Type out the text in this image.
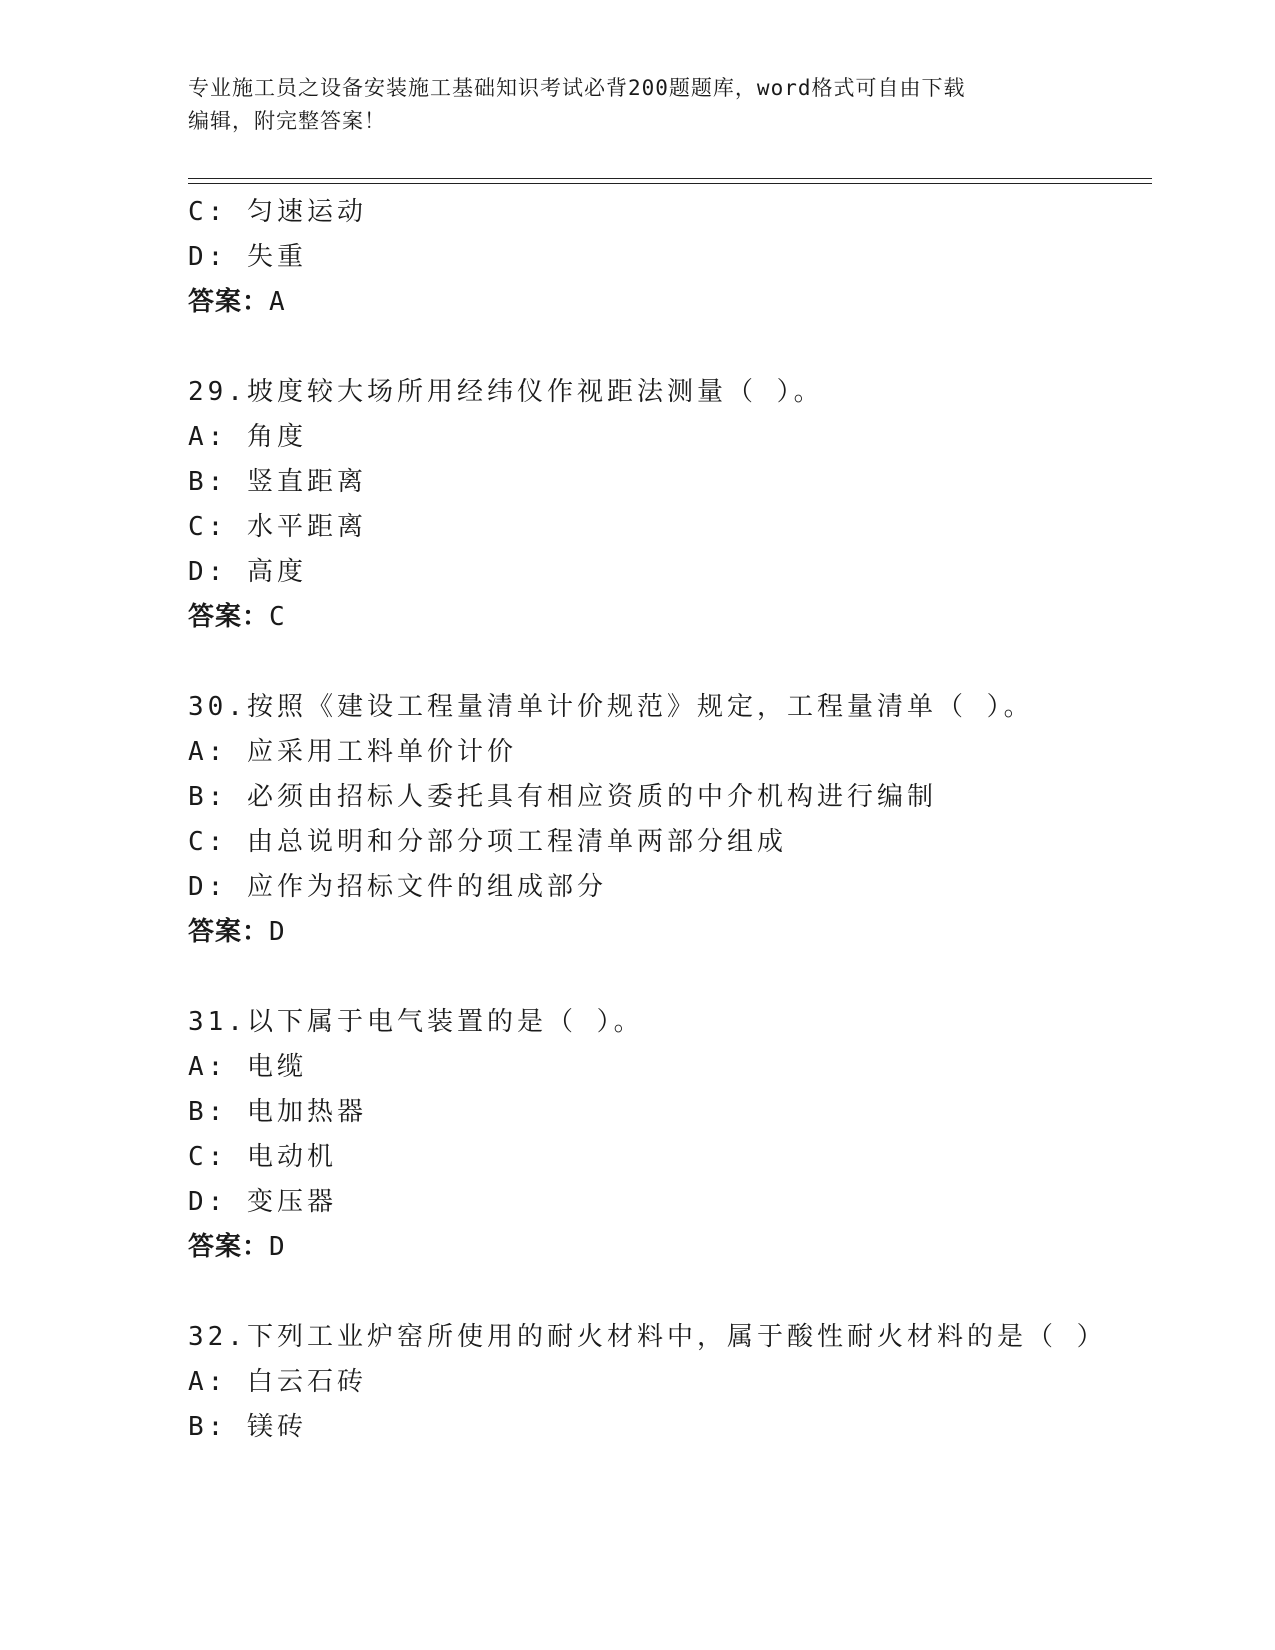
专业施工员之设备安装施工基础知识考试必背200题题库，word格式可自由下载
编辑，附完整答案！
C: 匀速运动
D: 失重
答案：A
29.坡度较大场所用经纬仪作视距法测量（ ）。
A: 角度
B: 竖直距离
C: 水平距离
D: 高度
答案：C
30.按照《建设工程量清单计价规范》规定，工程量清单（ ）。
A: 应采用工料单价计价
B: 必须由招标人委托具有相应资质的中介机构进行编制
C: 由总说明和分部分项工程清单两部分组成
D: 应作为招标文件的组成部分
答案：D
31.以下属于电气装置的是（ ）。
A: 电缆
B: 电加热器
C: 电动机
D: 变压器
答案：D
32.下列工业炉窑所使用的耐火材料中，属于酸性耐火材料的是（ ）
A: 白云石砖
B: 镁砖
